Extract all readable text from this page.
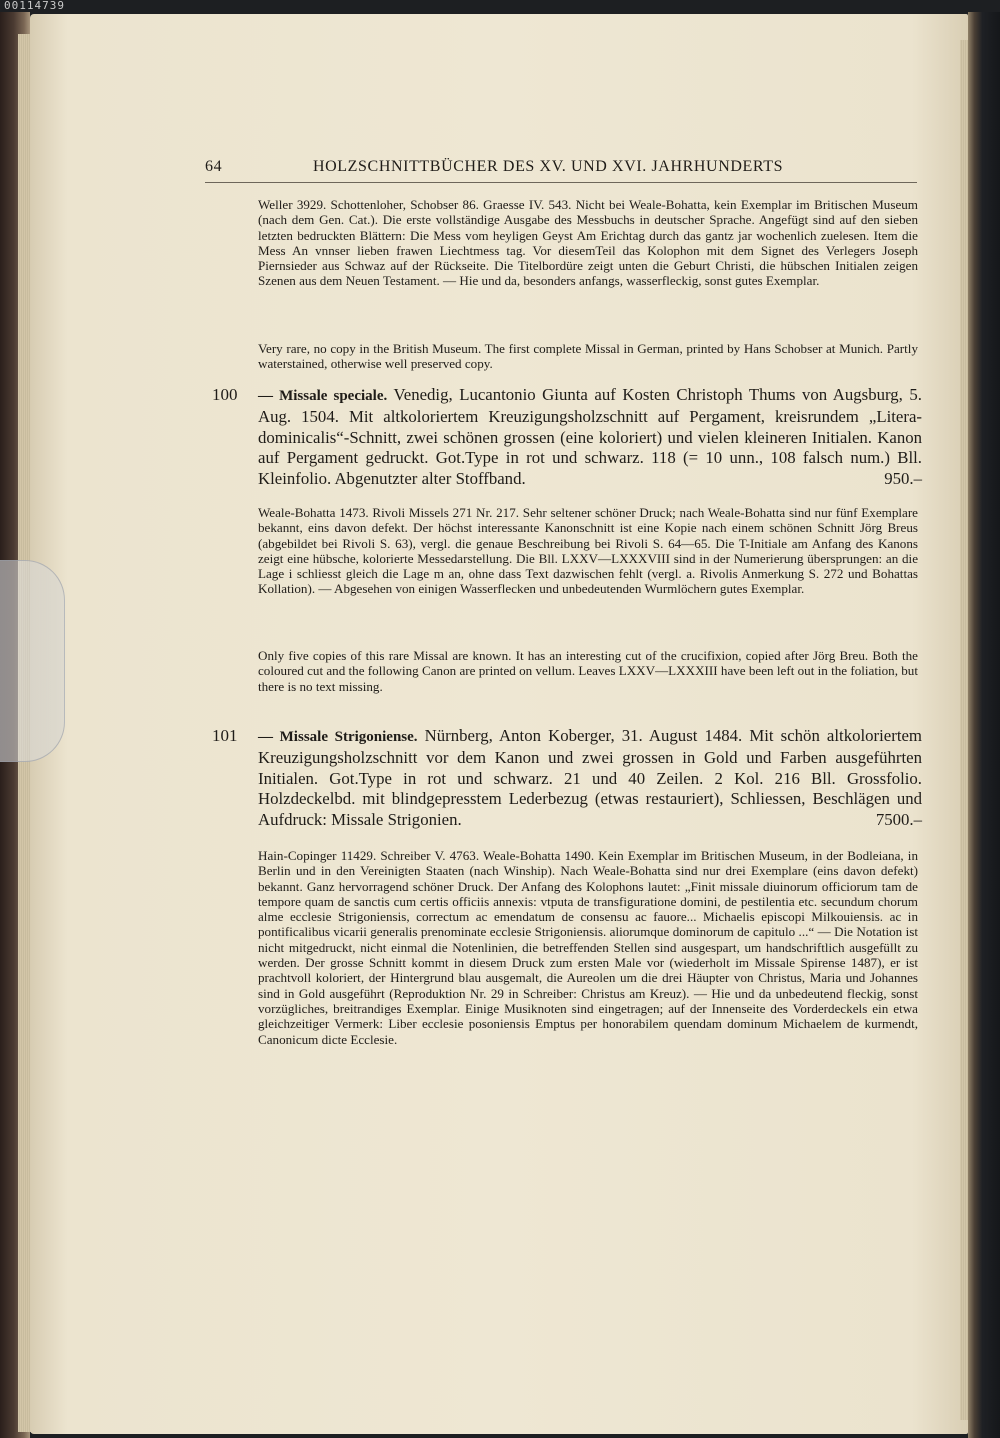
00114739
64	HOLZSCHNITTBÜCHER DES XV. UND XVI. JAHRHUNDERTS

Weller 3929. Schottenloher, Schobser 86. Graesse IV. 543. Nicht bei Weale-Bohatta, kein Exemplar im Britischen Museum (nach dem Gen. Cat.). Die erste vollständige Ausgabe des Messbuchs in deutscher Sprache. Angefügt sind auf den sieben letzten bedruckten Blättern: Die Mess vom heyligen Geyst Am Erichtag durch das gantz jar wochenlich zuelesen. Item die Mess An vnnser lieben frawen Liechtmess tag. Vor diesemTeil das Kolophon mit dem Signet des Verlegers Joseph Piernsieder aus Schwaz auf der Rückseite. Die Titelbordüre zeigt unten die Geburt Christi, die hübschen Initialen zeigen Szenen aus dem Neuen Testament. — Hie und da, besonders anfangs, wasserfleckig, sonst gutes Exemplar.

Very rare, no copy in the British Museum. The first complete Missal in German, printed by Hans Schobser at Munich. Partly waterstained, otherwise well preserved copy.

100 — Missale speciale. Venedig, Lucantonio Giunta auf Kosten Christoph Thums von Augsburg, 5. Aug. 1504. Mit altkoloriertem Kreuzigungsholzschnitt auf Pergament, kreisrundem „Litera-dominicalis“-Schnitt, zwei schönen grossen (eine koloriert) und vielen kleineren Initialen. Kanon auf Pergament gedruckt. Got.Type in rot und schwarz. 118 (= 10 unn., 108 falsch num.) Bll. Kleinfolio. Abgenutzter alter Stoffband.	950.–

Weale-Bohatta 1473. Rivoli Missels 271 Nr. 217. Sehr seltener schöner Druck; nach Weale-Bohatta sind nur fünf Exemplare bekannt, eins davon defekt. Der höchst interessante Kanonschnitt ist eine Kopie nach einem schönen Schnitt Jörg Breus (abgebildet bei Rivoli S. 63), vergl. die genaue Beschreibung bei Rivoli S. 64—65. Die T-Initiale am Anfang des Kanons zeigt eine hübsche, kolorierte Messedarstellung. Die Bll. LXXV—LXXXVIII sind in der Numerierung übersprungen: an die Lage i schliesst gleich die Lage m an, ohne dass Text dazwischen fehlt (vergl. a. Rivolis Anmerkung S. 272 und Bohattas Kollation). — Abgesehen von einigen Wasserflecken und unbedeutenden Wurmlöchern gutes Exemplar.

Only five copies of this rare Missal are known. It has an interesting cut of the crucifixion, copied after Jörg Breu. Both the coloured cut and the following Canon are printed on vellum. Leaves LXXV—LXXXIII have been left out in the foliation, but there is no text missing.

101 — Missale Strigoniense. Nürnberg, Anton Koberger, 31. August 1484. Mit schön altkoloriertem Kreuzigungsholzschnitt vor dem Kanon und zwei grossen in Gold und Farben ausgeführten Initialen. Got.Type in rot und schwarz. 21 und 40 Zeilen. 2 Kol. 216 Bll. Grossfolio. Holzdeckelbd. mit blindgepresstem Lederbezug (etwas restauriert), Schliessen, Beschlägen und Aufdruck: Missale Strigonien.	7500.–

Hain-Copinger 11429. Schreiber V. 4763. Weale-Bohatta 1490. Kein Exemplar im Britischen Museum, in der Bodleiana, in Berlin und in den Vereinigten Staaten (nach Winship). Nach Weale-Bohatta sind nur drei Exemplare (eins davon defekt) bekannt. Ganz hervorragend schöner Druck. Der Anfang des Kolophons lautet: „Finit missale diuinorum officiorum tam de tempore quam de sanctis cum certis officiis annexis: vtputa de transfiguratione domini, de pestilentia etc. secundum chorum alme ecclesie Strigoniensis, correctum ac emendatum de consensu ac fauore... Michaelis episcopi Milkouiensis. ac in pontificalibus vicarii generalis prenominate ecclesie Strigoniensis. aliorumque dominorum de capitulo ...“ — Die Notation ist nicht mitgedruckt, nicht einmal die Notenlinien, die betreffenden Stellen sind ausgespart, um handschriftlich ausgefüllt zu werden. Der grosse Schnitt kommt in diesem Druck zum ersten Male vor (wiederholt im Missale Spirense 1487), er ist prachtvoll koloriert, der Hintergrund blau ausgemalt, die Aureolen um die drei Häupter von Christus, Maria und Johannes sind in Gold ausgeführt (Reproduktion Nr. 29 in Schreiber: Christus am Kreuz). — Hie und da unbedeutend fleckig, sonst vorzügliches, breitrandiges Exemplar. Einige Musiknoten sind eingetragen; auf der Innenseite des Vorderdeckels ein etwa gleichzeitiger Vermerk: Liber ecclesie posoniensis Emptus per honorabilem quendam dominum Michaelem de kurmendt, Canonicum dicte Ecclesie.
